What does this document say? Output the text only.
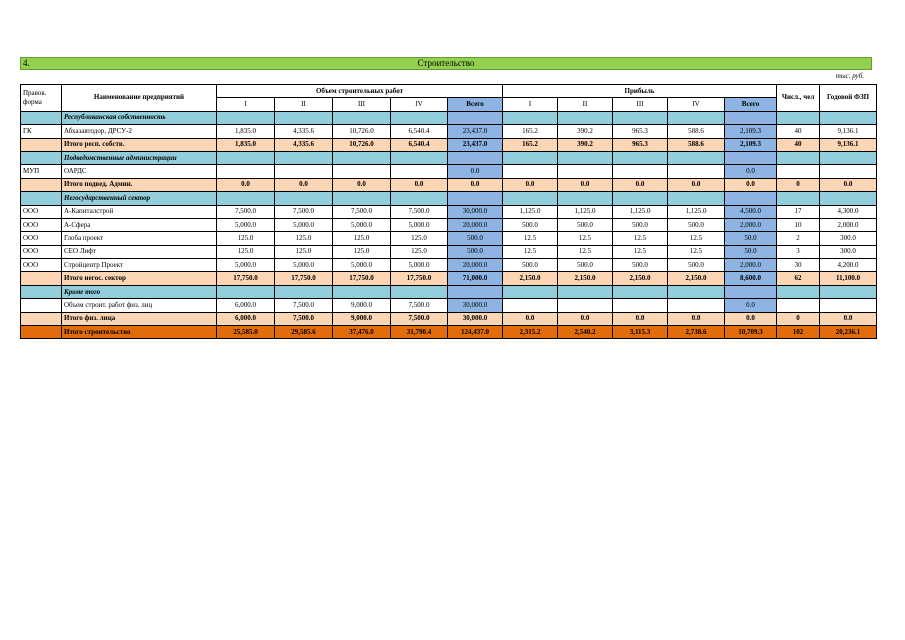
4.	Строительство
тыс. руб.
Правов. форма	Наименование предприятий	Объем строительных работ					Прибыль					Числ., чел	Годовой ФЗП
		I	II	III	IV	Всего	I	II	III	IV	Всего		
	Республиканская собственность												
ГК	Абхазавтодор, ДРСУ-2	1,835.0	4,335.6	10,726.0	6,540.4	23,437.0	165.2	390.2	965.3	588.6	2,109.3	40	9,136.1
	Итого респ. собств.	1,835.0	4,335.6	10,726.0	6,540.4	23,437.0	165.2	390.2	965.3	588.6	2,109.3	40	9,136.1
	Подведомственные администрации												
МУП	ОАРДС					0.0					0.0		
	Итого подвед. Админ.	0.0	0.0	0.0	0.0	0.0	0.0	0.0	0.0	0.0	0.0	0	0.0
	Негосударственный сектор												
ООО	А-Капиталстрой	7,500.0	7,500.0	7,500.0	7,500.0	30,000.0	1,125.0	1,125.0	1,125.0	1,125.0	4,500.0	17	4,300.0
ООО	А-Сфера	5,000.0	5,000.0	5,000.0	5,000.0	20,000.0	500.0	500.0	500.0	500.0	2,000.0	10	2,000.0
ООО	Глоба проект	125.0	125.0	125.0	125.0	500.0	12.5	12.5	12.5	12.5	50.0	2	300.0
ООО	СЕО Лифт	125.0	125.0	125.0	125.0	500.0	12.5	12.5	12.5	12.5	50.0	3	300.0
ООО	Стройцентр Проект	5,000.0	5,000.0	5,000.0	5,000.0	20,000.0	500.0	500.0	500.0	500.0	2,000.0	30	4,200.0
	Итого негос. сектор	17,750.0	17,750.0	17,750.0	17,750.0	71,000.0	2,150.0	2,150.0	2,150.0	2,150.0	8,600.0	62	11,100.0
	Кроме того												
	Объем строит. работ физ. лиц	6,000.0	7,500.0	9,000.0	7,500.0	30,000.0					0.0		
	Итого физ. лица	6,000.0	7,500.0	9,000.0	7,500.0	30,000.0	0.0	0.0	0.0	0.0	0.0	0	0.0
	Итого строительство	25,585.0	29,585.6	37,476.0	31,790.4	124,437.0	2,315.2	2,540.2	3,115.3	2,738.6	10,709.3	102	20,236.1
